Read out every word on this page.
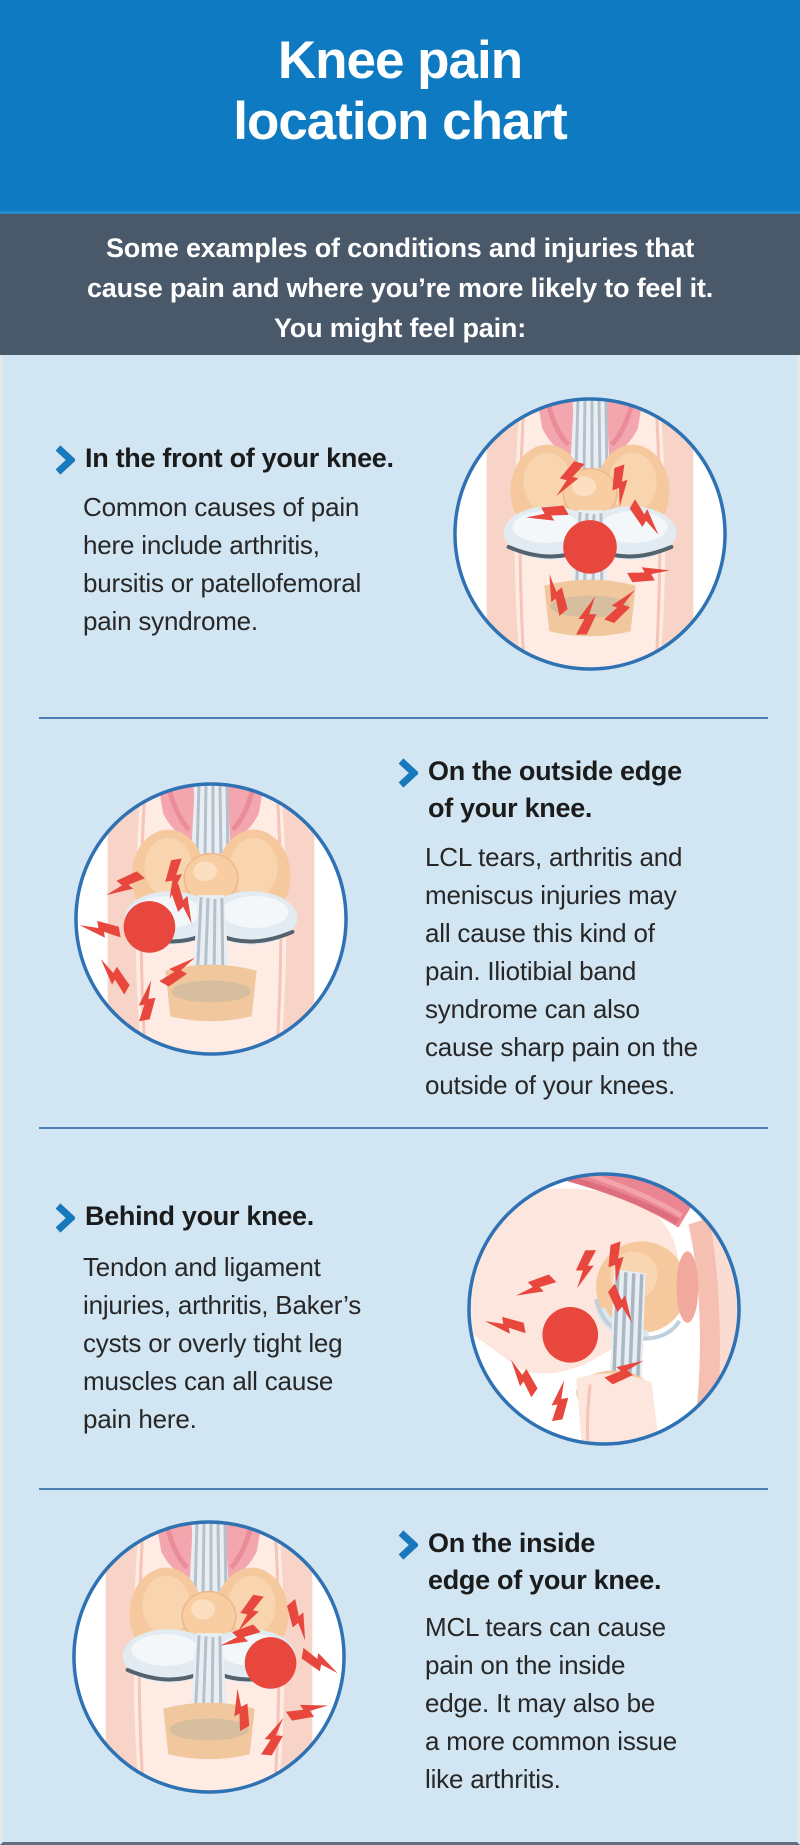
Knee pain
location chart

Some examples of conditions and injuries that
cause pain and where you’re more likely to feel it.
You might feel pain:

In the front of your knee.

Common causes of pain
here include arthritis,
bursitis or patellofemoral
pain syndrome.

On the outside edge
of your knee.

LCL tears, arthritis and
meniscus injuries may
all cause this kind of
pain. Iliotibial band
syndrome can also
cause sharp pain on the
outside of your knees.

Behind your knee.

Tendon and ligament
injuries, arthritis, Baker’s
cysts or overly tight leg
muscles can all cause
pain here.

On the inside
edge of your knee.

MCL tears can cause
pain on the inside
edge. It may also be
a more common issue
like arthritis.
